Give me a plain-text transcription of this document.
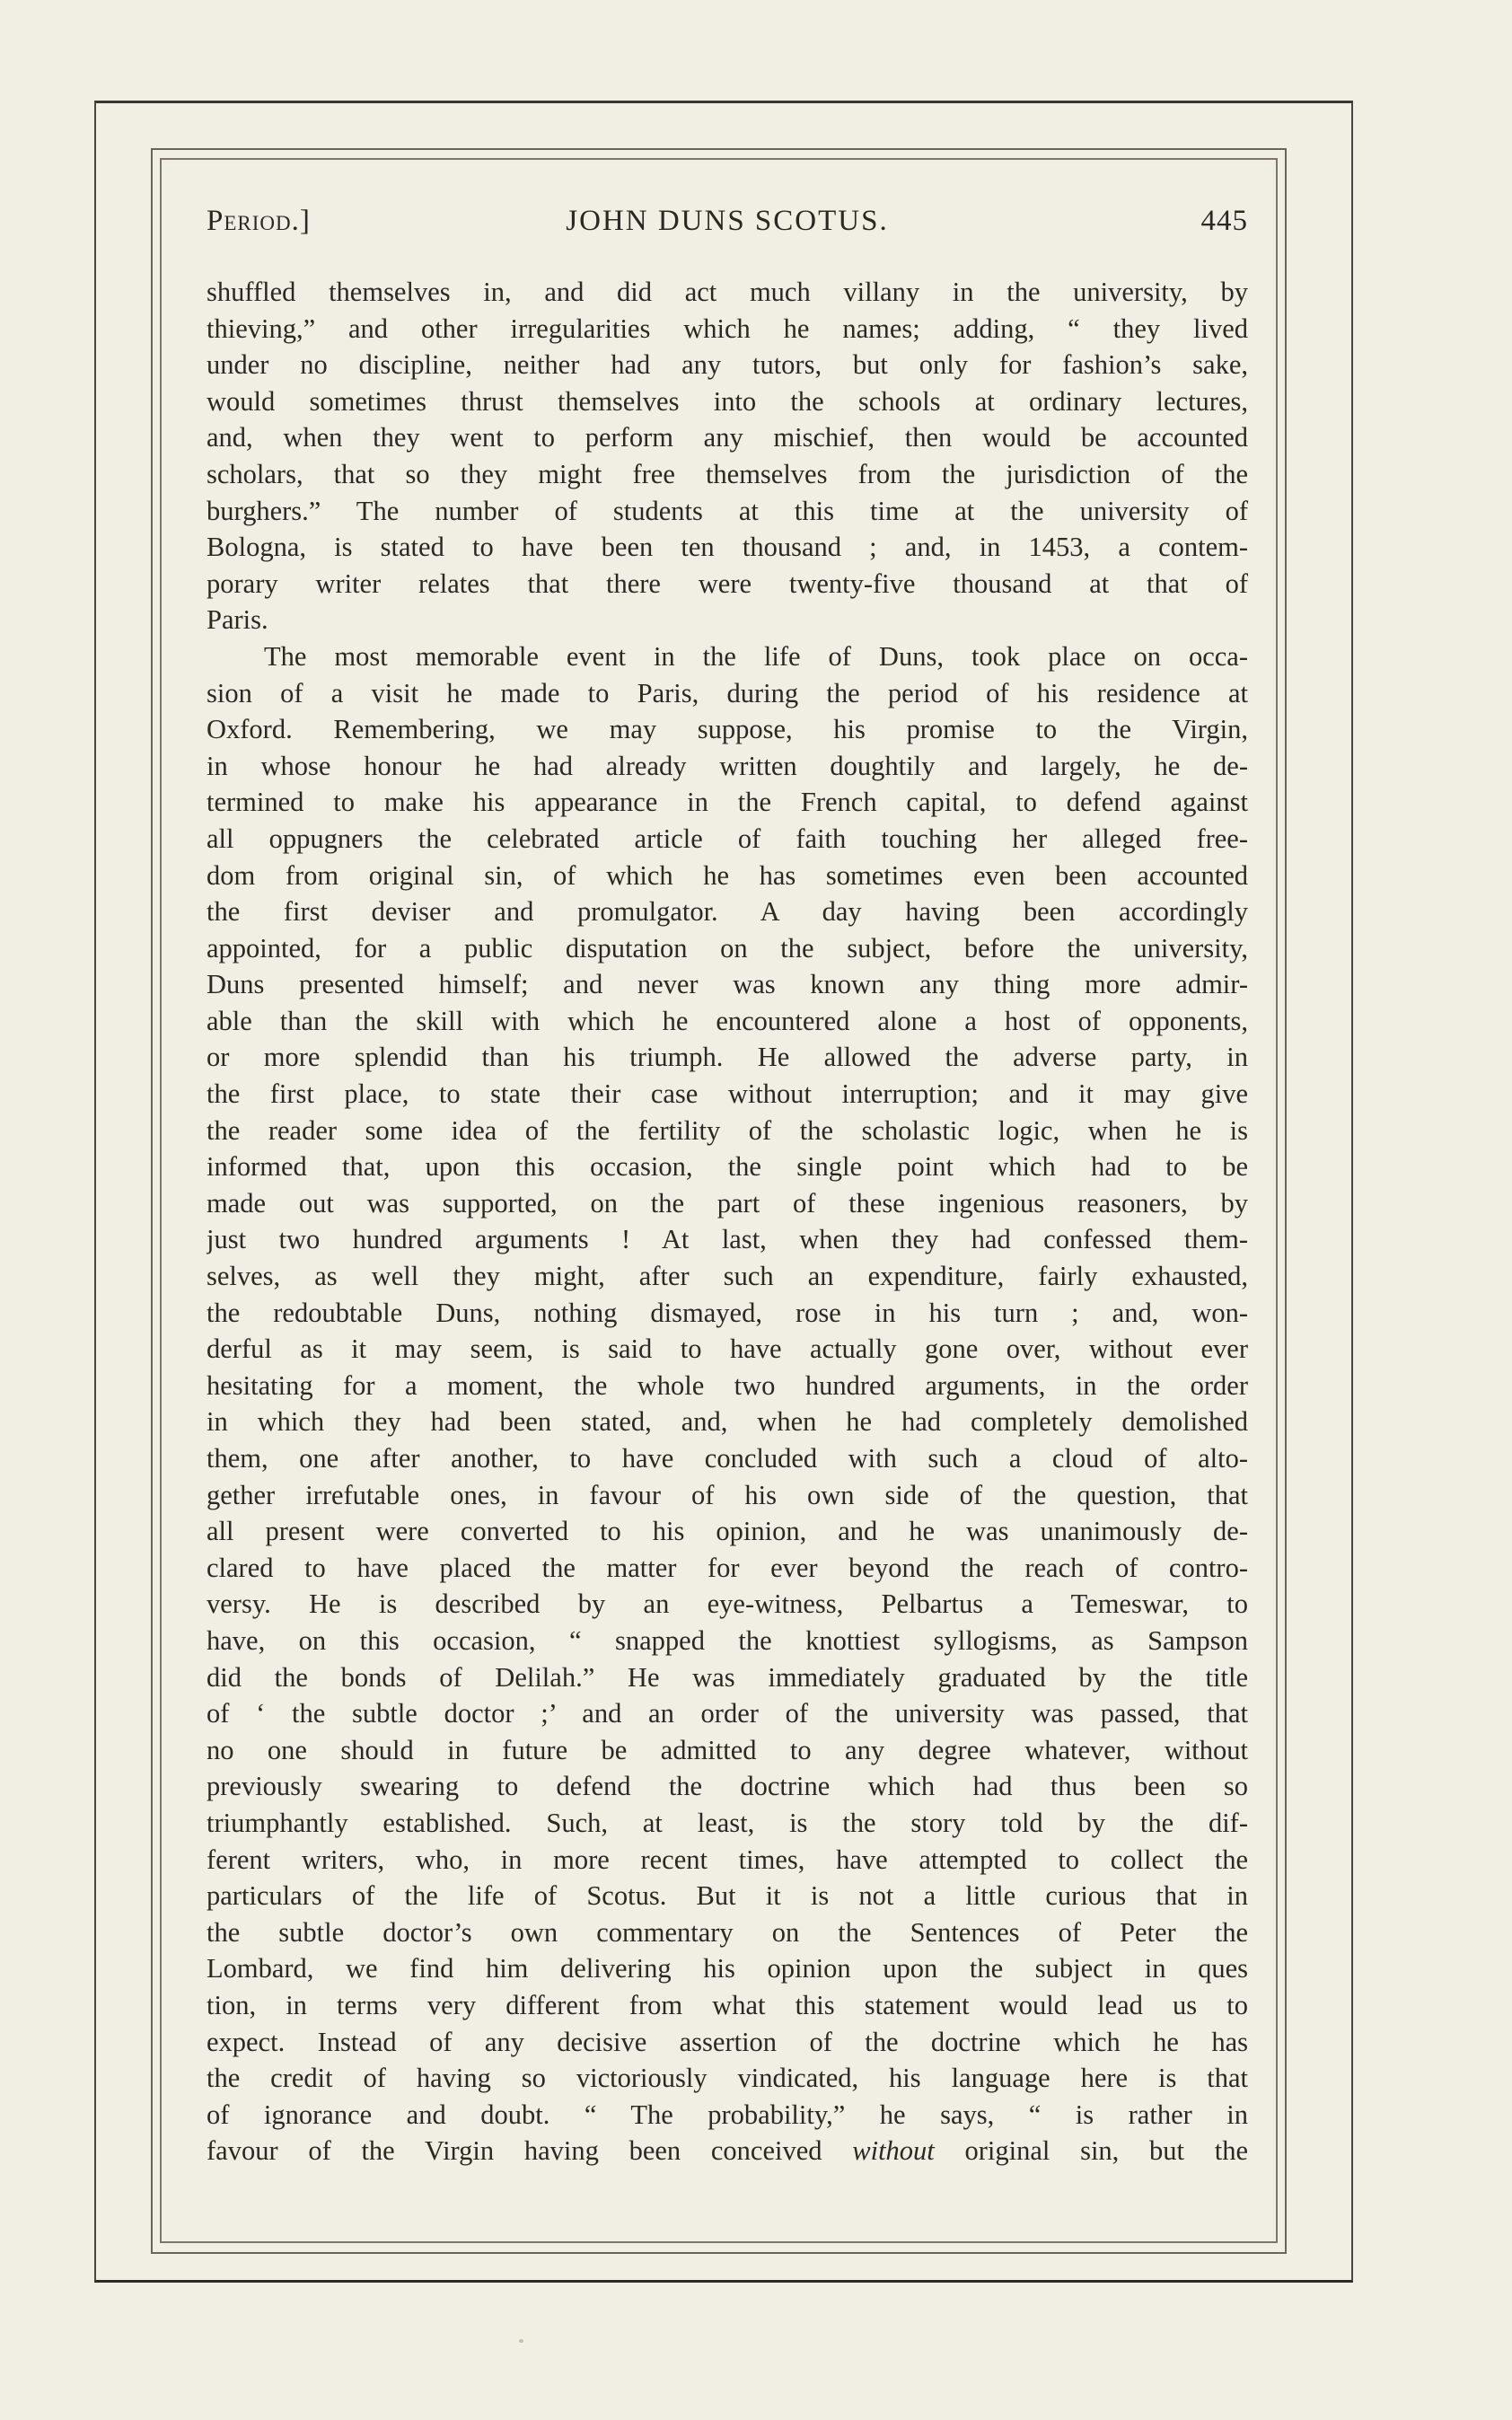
Period.]	JOHN DUNS SCOTUS.	445
shuffled themselves in, and did act much villany in the university, by
thieving,” and other irregularities which he names; adding, “ they lived
under no discipline, neither had any tutors, but only for fashion’s sake,
would sometimes thrust themselves into the schools at ordinary lectures,
and, when they went to perform any mischief, then would be accounted
scholars, that so they might free themselves from the jurisdiction of the
burghers.” The number of students at this time at the university of
Bologna, is stated to have been ten thousand ; and, in 1453, a contem-
porary writer relates that there were twenty-five thousand at that of
Paris.
The most memorable event in the life of Duns, took place on occa-
sion of a visit he made to Paris, during the period of his residence at
Oxford. Remembering, we may suppose, his promise to the Virgin,
in whose honour he had already written doughtily and largely, he de-
termined to make his appearance in the French capital, to defend against
all oppugners the celebrated article of faith touching her alleged free-
dom from original sin, of which he has sometimes even been accounted
the first deviser and promulgator. A day having been accordingly
appointed, for a public disputation on the subject, before the university,
Duns presented himself; and never was known any thing more admir-
able than the skill with which he encountered alone a host of opponents,
or more splendid than his triumph. He allowed the adverse party, in
the first place, to state their case without interruption; and it may give
the reader some idea of the fertility of the scholastic logic, when he is
informed that, upon this occasion, the single point which had to be
made out was supported, on the part of these ingenious reasoners, by
just two hundred arguments ! At last, when they had confessed them-
selves, as well they might, after such an expenditure, fairly exhausted,
the redoubtable Duns, nothing dismayed, rose in his turn ; and, won-
derful as it may seem, is said to have actually gone over, without ever
hesitating for a moment, the whole two hundred arguments, in the order
in which they had been stated, and, when he had completely demolished
them, one after another, to have concluded with such a cloud of alto-
gether irrefutable ones, in favour of his own side of the question, that
all present were converted to his opinion, and he was unanimously de-
clared to have placed the matter for ever beyond the reach of contro-
versy. He is described by an eye-witness, Pelbartus a Temeswar, to
have, on this occasion, “ snapped the knottiest syllogisms, as Sampson
did the bonds of Delilah.” He was immediately graduated by the title
of ‘ the subtle doctor ;’ and an order of the university was passed, that
no one should in future be admitted to any degree whatever, without
previously swearing to defend the doctrine which had thus been so
triumphantly established. Such, at least, is the story told by the dif-
ferent writers, who, in more recent times, have attempted to collect the
particulars of the life of Scotus. But it is not a little curious that in
the subtle doctor’s own commentary on the Sentences of Peter the
Lombard, we find him delivering his opinion upon the subject in ques
tion, in terms very different from what this statement would lead us to
expect. Instead of any decisive assertion of the doctrine which he has
the credit of having so victoriously vindicated, his language here is that
of ignorance and doubt. “ The probability,” he says, “ is rather in
favour of the Virgin having been conceived without original sin, but the
